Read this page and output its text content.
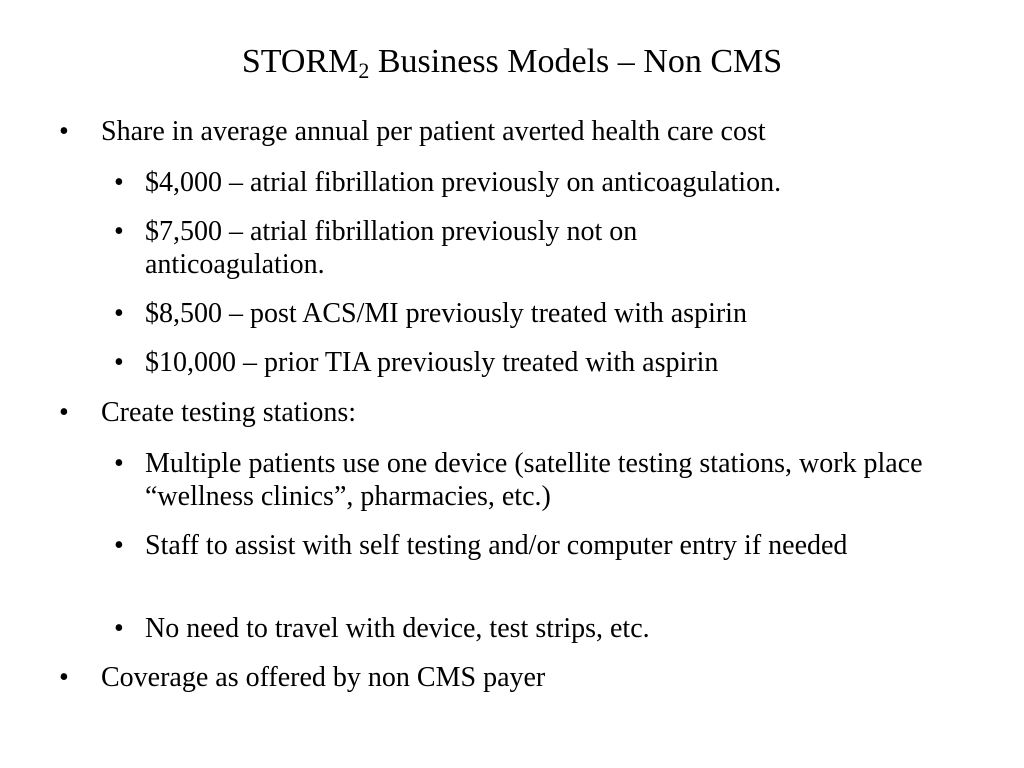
$STORM_2$ Business Models – Non CMS
• Share in average annual per patient averted health care cost
• $4,000 – atrial fibrillation previously on anticoagulation.
• $7,500 – atrial fibrillation previously not on anticoagulation.
• $8,500 – post ACS/MI previously treated with aspirin
• $10,000 – prior TIA previously treated with aspirin
• Create testing stations:
• Multiple patients use one device (satellite testing stations, work place “wellness clinics”, pharmacies, etc.)
• Staff to assist with self testing and/or computer entry if needed
• No need to travel with device, test strips, etc.
• Coverage as offered by non CMS payer
